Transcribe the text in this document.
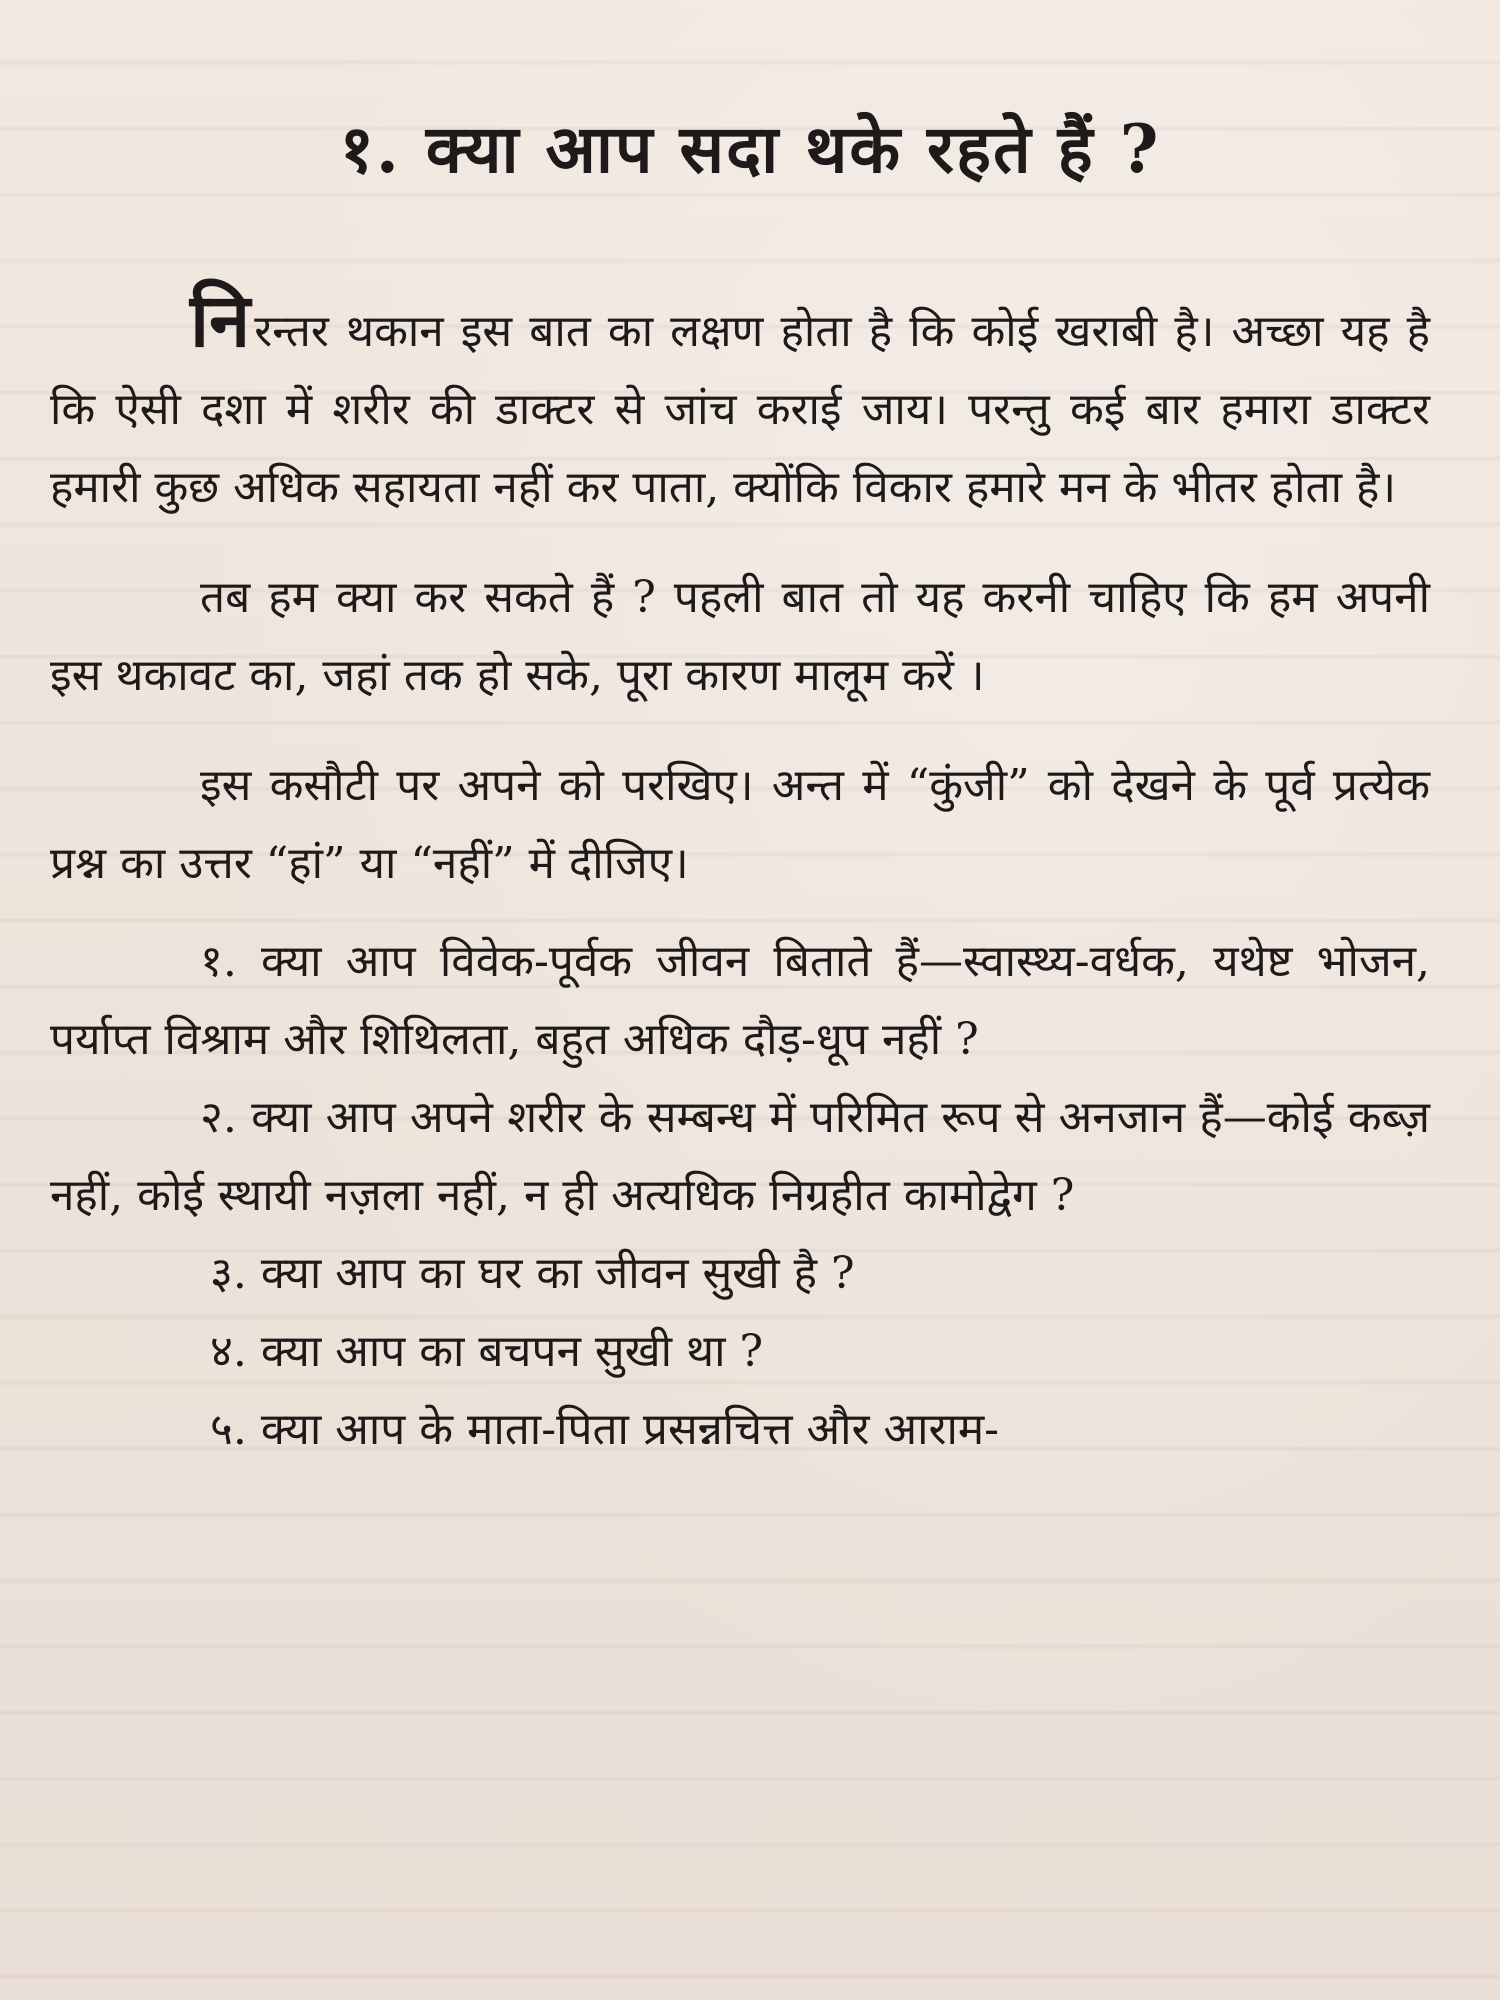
१. क्या आप सदा थके रहते हैं ?

निरन्तर थकान इस बात का लक्षण होता है कि कोई खराबी है। अच्छा यह है कि ऐसी दशा में शरीर की डाक्टर से जांच कराई जाय। परन्तु कई बार हमारा डाक्टर हमारी कुछ अधिक सहायता नहीं कर पाता, क्योंकि विकार हमारे मन के भीतर होता है।

तब हम क्या कर सकते हैं ? पहली बात तो यह करनी चाहिए कि हम अपनी इस थकावट का, जहां तक हो सके, पूरा कारण मालूम करें ।

इस कसौटी पर अपने को परखिए। अन्त में “कुंजी” को देखने के पूर्व प्रत्येक प्रश्न का उत्तर “हां” या “नहीं” में दीजिए।

१. क्या आप विवेक-पूर्वक जीवन बिताते हैं—स्वास्थ्य-वर्धक, यथेष्ट भोजन, पर्याप्त विश्राम और शिथिलता, बहुत अधिक दौड़-धूप नहीं ?

२. क्या आप अपने शरीर के सम्बन्ध में परिमित रूप से अनजान हैं—कोई कब्ज़ नहीं, कोई स्थायी नज़ला नहीं, न ही अत्यधिक निग्रहीत कामोद्वेग ?

३. क्या आप का घर का जीवन सुखी है ?

४. क्या आप का बचपन सुखी था ?

५. क्या आप के माता-पिता प्रसन्नचित्त और आराम-
